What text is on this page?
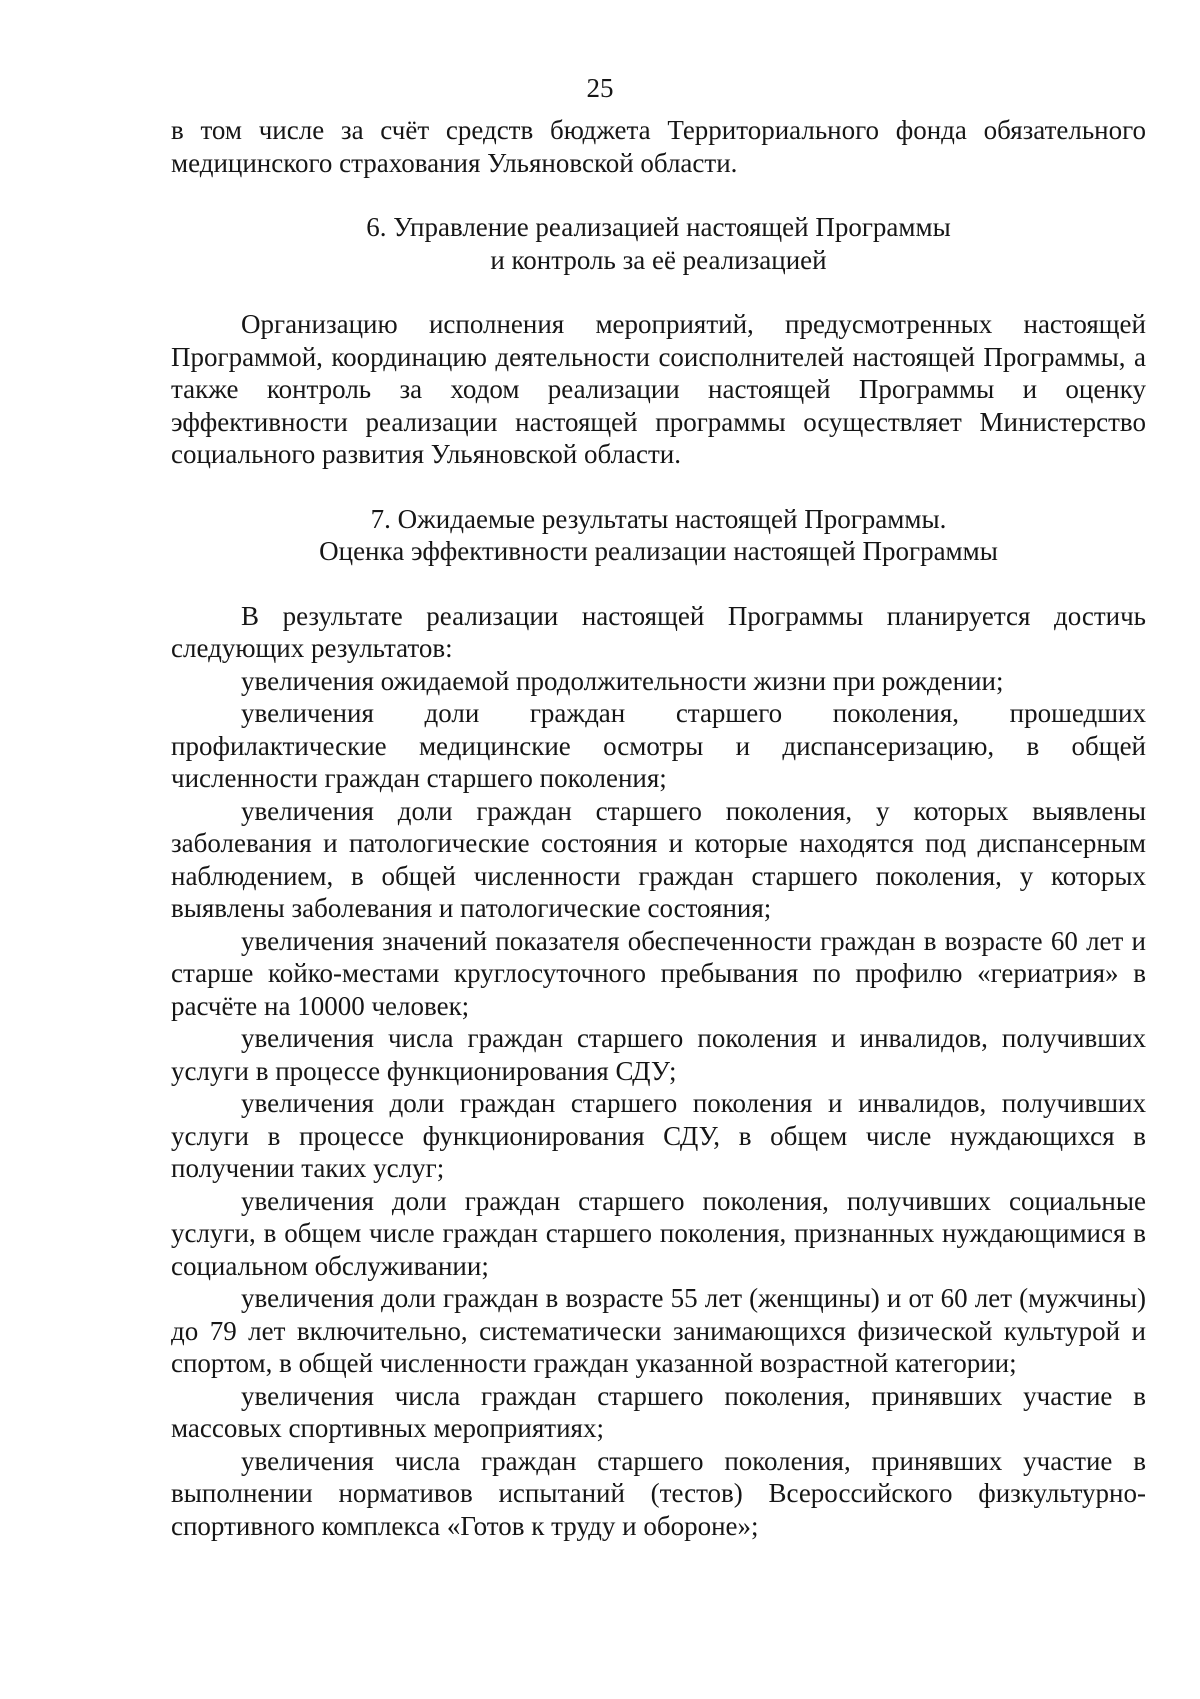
25

в том числе за счёт средств бюджета Территориального фонда обязательного медицинского страхования Ульяновской области.

6. Управление реализацией настоящей Программы
и контроль за её реализацией

Организацию исполнения мероприятий, предусмотренных настоящей Программой, координацию деятельности соисполнителей настоящей Программы, а также контроль за ходом реализации настоящей Программы и оценку эффективности реализации настоящей программы осуществляет Министерство социального развития Ульяновской области.

7. Ожидаемые результаты настоящей Программы.
Оценка эффективности реализации настоящей Программы

В результате реализации настоящей Программы планируется достичь следующих результатов:

увеличения ожидаемой продолжительности жизни при рождении;

увеличения доли граждан старшего поколения, прошедших профилактические медицинские осмотры и диспансеризацию, в общей численности граждан старшего поколения;

увеличения доли граждан старшего поколения, у которых выявлены заболевания и патологические состояния и которые находятся под диспансерным наблюдением, в общей численности граждан старшего поколения, у которых выявлены заболевания и патологические состояния;

увеличения значений показателя обеспеченности граждан в возрасте 60 лет и старше койко-местами круглосуточного пребывания по профилю «гериатрия» в расчёте на 10000 человек;

увеличения числа граждан старшего поколения и инвалидов, получивших услуги в процессе функционирования СДУ;

увеличения доли граждан старшего поколения и инвалидов, получивших услуги в процессе функционирования СДУ, в общем числе нуждающихся в получении таких услуг;

увеличения доли граждан старшего поколения, получивших социальные услуги, в общем числе граждан старшего поколения, признанных нуждающимися в социальном обслуживании;

увеличения доли граждан в возрасте 55 лет (женщины) и от 60 лет (мужчины) до 79 лет включительно, систематически занимающихся физической культурой и спортом, в общей численности граждан указанной возрастной категории;

увеличения числа граждан старшего поколения, принявших участие в массовых спортивных мероприятиях;

увеличения числа граждан старшего поколения, принявших участие в выполнении нормативов испытаний (тестов) Всероссийского физкультурно-спортивного комплекса «Готов к труду и обороне»;
